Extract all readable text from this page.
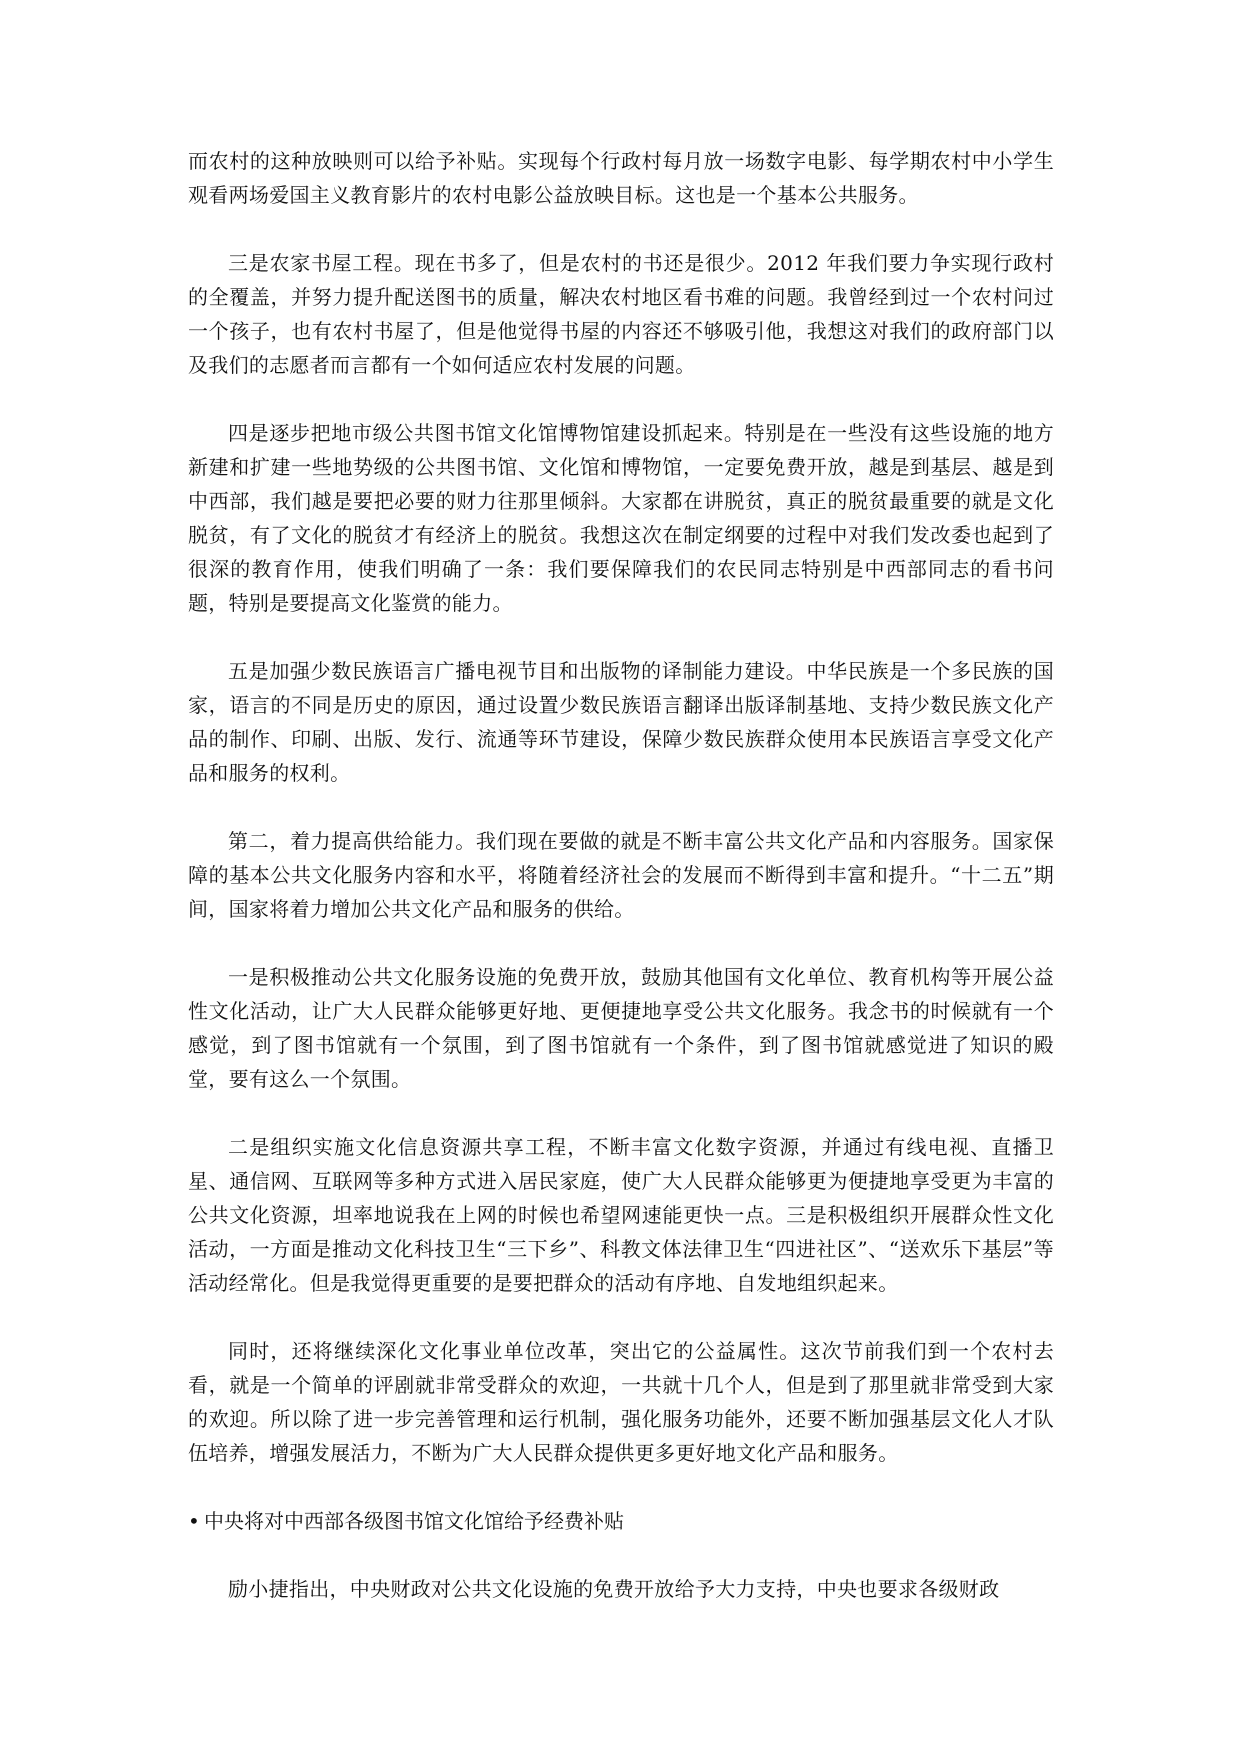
而农村的这种放映则可以给予补贴。实现每个行政村每月放一场数字电影、每学期农村中小学生观看两场爱国主义教育影片的农村电影公益放映目标。这也是一个基本公共服务。

三是农家书屋工程。现在书多了，但是农村的书还是很少。2012 年我们要力争实现行政村的全覆盖，并努力提升配送图书的质量，解决农村地区看书难的问题。我曾经到过一个农村问过一个孩子，也有农村书屋了，但是他觉得书屋的内容还不够吸引他，我想这对我们的政府部门以及我们的志愿者而言都有一个如何适应农村发展的问题。

四是逐步把地市级公共图书馆文化馆博物馆建设抓起来。特别是在一些没有这些设施的地方新建和扩建一些地势级的公共图书馆、文化馆和博物馆，一定要免费开放，越是到基层、越是到中西部，我们越是要把必要的财力往那里倾斜。大家都在讲脱贫，真正的脱贫最重要的就是文化脱贫，有了文化的脱贫才有经济上的脱贫。我想这次在制定纲要的过程中对我们发改委也起到了很深的教育作用，使我们明确了一条：我们要保障我们的农民同志特别是中西部同志的看书问题，特别是要提高文化鉴赏的能力。

五是加强少数民族语言广播电视节目和出版物的译制能力建设。中华民族是一个多民族的国家，语言的不同是历史的原因，通过设置少数民族语言翻译出版译制基地、支持少数民族文化产品的制作、印刷、出版、发行、流通等环节建设，保障少数民族群众使用本民族语言享受文化产品和服务的权利。

第二，着力提高供给能力。我们现在要做的就是不断丰富公共文化产品和内容服务。国家保障的基本公共文化服务内容和水平，将随着经济社会的发展而不断得到丰富和提升。“十二五”期间，国家将着力增加公共文化产品和服务的供给。

一是积极推动公共文化服务设施的免费开放，鼓励其他国有文化单位、教育机构等开展公益性文化活动，让广大人民群众能够更好地、更便捷地享受公共文化服务。我念书的时候就有一个感觉，到了图书馆就有一个氛围，到了图书馆就有一个条件，到了图书馆就感觉进了知识的殿堂，要有这么一个氛围。

二是组织实施文化信息资源共享工程，不断丰富文化数字资源，并通过有线电视、直播卫星、通信网、互联网等多种方式进入居民家庭，使广大人民群众能够更为便捷地享受更为丰富的公共文化资源，坦率地说我在上网的时候也希望网速能更快一点。三是积极组织开展群众性文化活动，一方面是推动文化科技卫生“三下乡”、科教文体法律卫生“四进社区”、“送欢乐下基层”等活动经常化。但是我觉得更重要的是要把群众的活动有序地、自发地组织起来。

同时，还将继续深化文化事业单位改革，突出它的公益属性。这次节前我们到一个农村去看，就是一个简单的评剧就非常受群众的欢迎，一共就十几个人，但是到了那里就非常受到大家的欢迎。所以除了进一步完善管理和运行机制，强化服务功能外，还要不断加强基层文化人才队伍培养，增强发展活力，不断为广大人民群众提供更多更好地文化产品和服务。

• 中央将对中西部各级图书馆文化馆给予经费补贴

励小捷指出，中央财政对公共文化设施的免费开放给予大力支持，中央也要求各级财政
